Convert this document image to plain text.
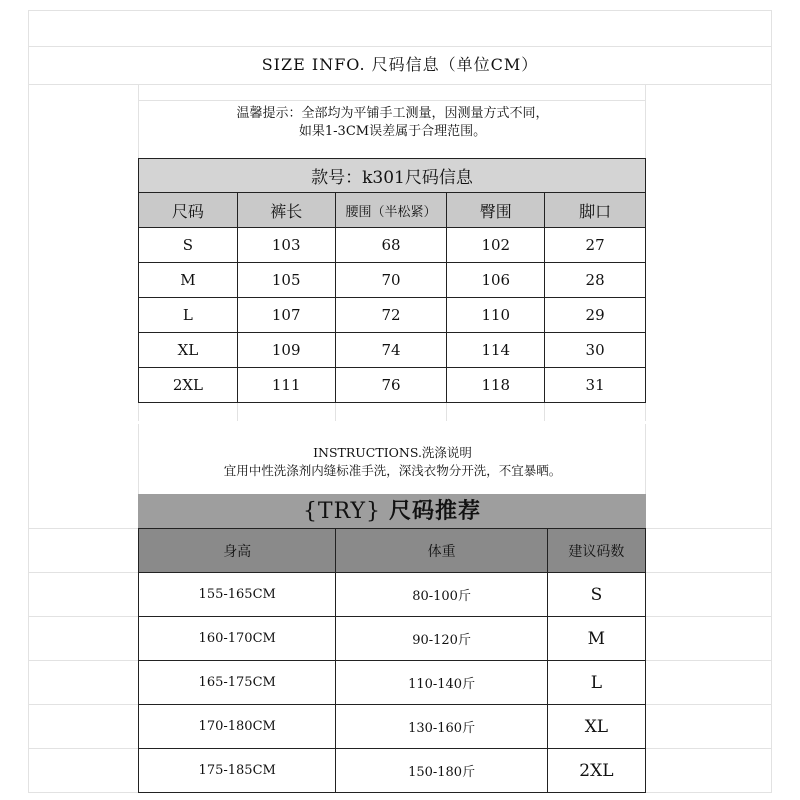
SIZE INFO. 尺码信息（单位CM）
温馨提示：全部均为平铺手工测量，因测量方式不同，
如果1-3CM误差属于合理范围。
款号：k301尺码信息				
尺码	裤长	腰围（半松紧）	臀围	脚口
S	103	68	102	27
M	105	70	106	28
L	107	72	110	29
XL	109	74	114	30
2XL	111	76	118	31

INSTRUCTIONS.洗涤说明
宜用中性洗涤剂内缝标准手洗，深浅衣物分开洗，不宜暴晒。
{TRY} 尺码推荐
身高	体重	建议码数
155-165CM	80-100斤	S
160-170CM	90-120斤	M
165-175CM	110-140斤	L
170-180CM	130-160斤	XL
175-185CM	150-180斤	2XL
